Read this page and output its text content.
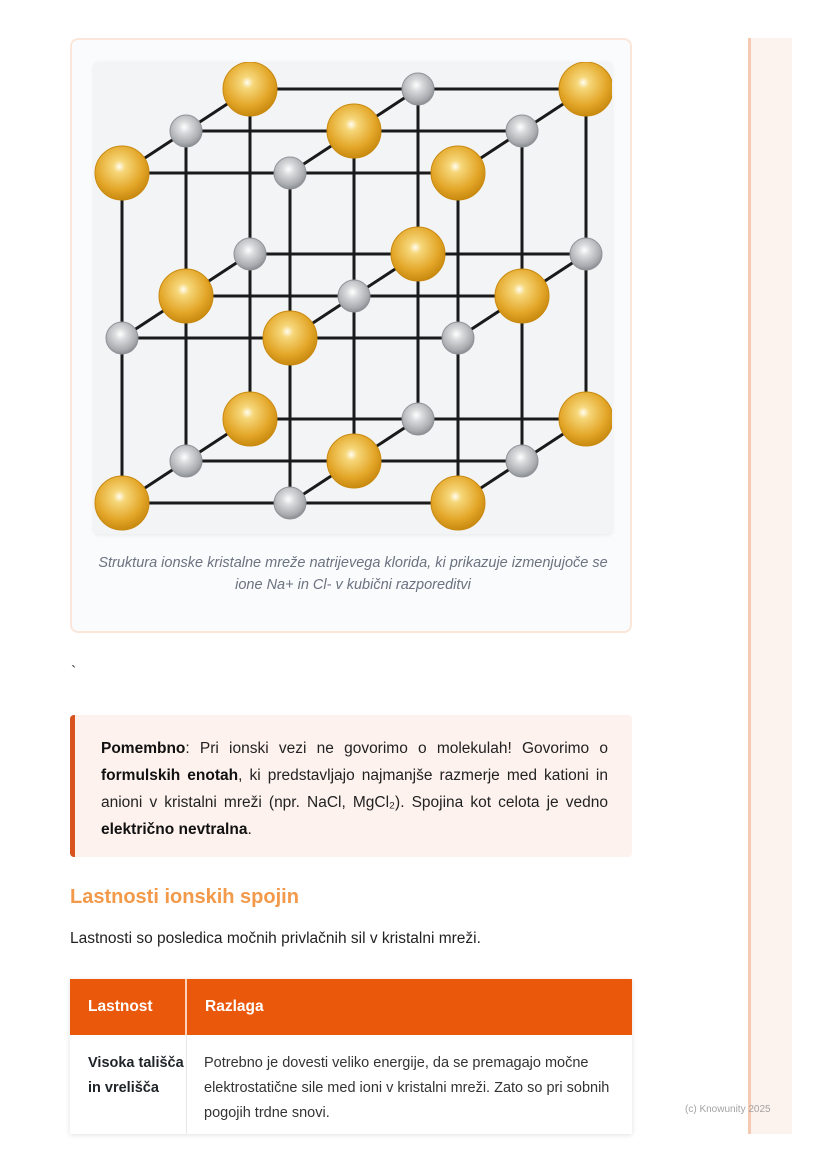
Struktura ionske kristalne mreže natrijevega klorida, ki prikazuje izmenjujoče se ione Na+ in Cl- v kubični razporeditvi
`
Pomembno: Pri ionski vezi ne govorimo o molekulah! Govorimo o formulskih enotah, ki predstavljajo najmanjše razmerje med kationi in anioni v kristalni mreži (npr. NaCl, MgCl₂). Spojina kot celota je vedno električno nevtralna.
Lastnosti ionskih spojin
Lastnosti so posledica močnih privlačnih sil v kristalni mreži.
Lastnost	Razlaga
Visoka tališča in vrelišča
Potrebno je dovesti veliko energije, da se premagajo močne elektrostatične sile med ioni v kristalni mreži. Zato so pri sobnih pogojih trdne snovi.	(c) Knowunity 2025
